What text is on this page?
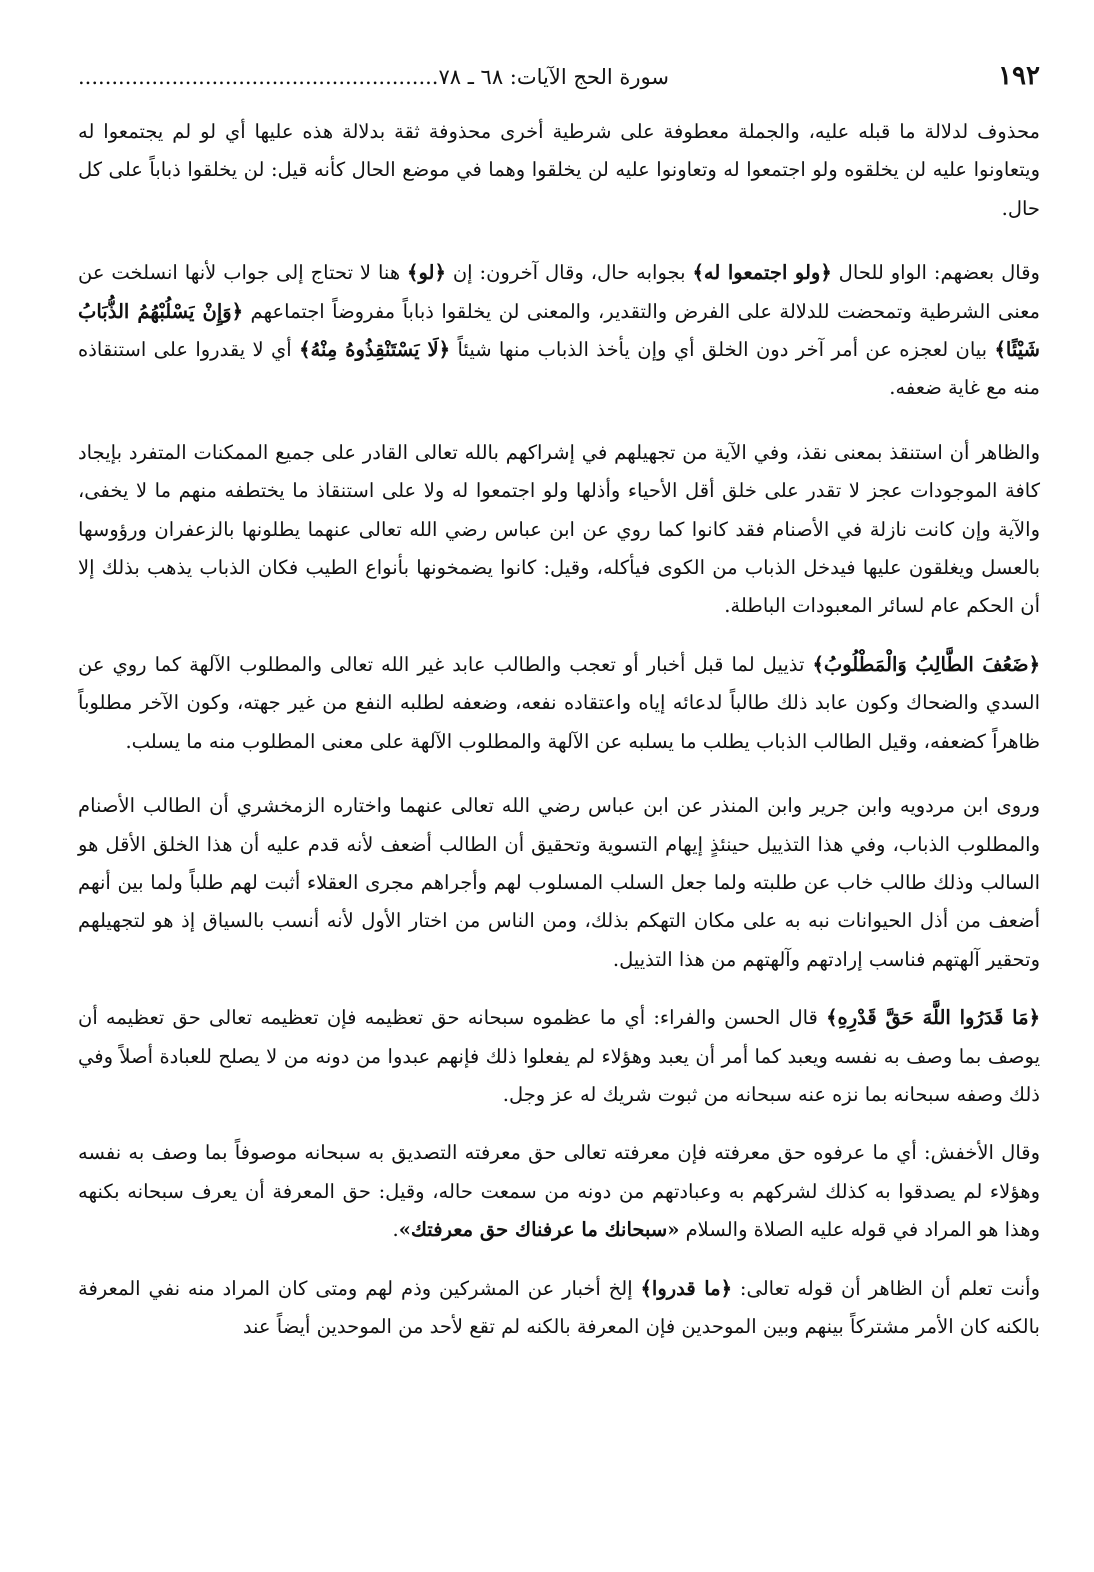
١٩٢
سورة الحج الآيات: ٦٨ ـ ٧٨......................................................

محذوف لدلالة ما قبله عليه، والجملة معطوفة على شرطية أخرى محذوفة ثقة بدلالة هذه عليها أي لو لم يجتمعوا له ويتعاونوا عليه لن يخلقوه ولو اجتمعوا له وتعاونوا عليه لن يخلقوا وهما في موضع الحال كأنه قيل: لن يخلقوا ذباباً على كل حال.

وقال بعضهم: الواو للحال ﴿ولو اجتمعوا له﴾ بجوابه حال، وقال آخرون: إن ﴿لو﴾ هنا لا تحتاج إلى جواب لأنها انسلخت عن معنى الشرطية وتمحضت للدلالة على الفرض والتقدير، والمعنى لن يخلقوا ذباباً مفروضاً اجتماعهم ﴿وَإِنْ يَسْلُبْهُمُ الذُّبَابُ شَيْئًا﴾ بيان لعجزه عن أمر آخر دون الخلق أي وإن يأخذ الذباب منها شيئاً ﴿لَا يَسْتَنْقِذُوهُ مِنْهُ﴾ أي لا يقدروا على استنقاذه منه مع غاية ضعفه.

والظاهر أن استنقذ بمعنى نقذ، وفي الآية من تجهيلهم في إشراكهم بالله تعالى القادر على جميع الممكنات المتفرد بإيجاد كافة الموجودات عجز لا تقدر على خلق أقل الأحياء وأذلها ولو اجتمعوا له ولا على استنقاذ ما يختطفه منهم ما لا يخفى، والآية وإن كانت نازلة في الأصنام فقد كانوا كما روي عن ابن عباس رضي الله تعالى عنهما يطلونها بالزعفران ورؤوسها بالعسل ويغلقون عليها فيدخل الذباب من الكوى فيأكله، وقيل: كانوا يضمخونها بأنواع الطيب فكان الذباب يذهب بذلك إلا أن الحكم عام لسائر المعبودات الباطلة.

﴿ضَعُفَ الطَّالِبُ وَالْمَطْلُوبُ﴾ تذييل لما قبل أخبار أو تعجب والطالب عابد غير الله تعالى والمطلوب الآلهة كما روي عن السدي والضحاك وكون عابد ذلك طالباً لدعائه إياه واعتقاده نفعه، وضعفه لطلبه النفع من غير جهته، وكون الآخر مطلوباً ظاهراً كضعفه، وقيل الطالب الذباب يطلب ما يسلبه عن الآلهة والمطلوب الآلهة على معنى المطلوب منه ما يسلب.

وروى ابن مردويه وابن جرير وابن المنذر عن ابن عباس رضي الله تعالى عنهما واختاره الزمخشري أن الطالب الأصنام والمطلوب الذباب، وفي هذا التذييل حينئذٍ إيهام التسوية وتحقيق أن الطالب أضعف لأنه قدم عليه أن هذا الخلق الأقل هو السالب وذلك طالب خاب عن طلبته ولما جعل السلب المسلوب لهم وأجراهم مجرى العقلاء أثبت لهم طلباً ولما بين أنهم أضعف من أذل الحيوانات نبه به على مكان التهكم بذلك، ومن الناس من اختار الأول لأنه أنسب بالسياق إذ هو لتجهيلهم وتحقير آلهتهم فناسب إرادتهم وآلهتهم من هذا التذييل.

﴿مَا قَدَرُوا اللَّهَ حَقَّ قَدْرِهِ﴾ قال الحسن والفراء: أي ما عظموه سبحانه حق تعظيمه فإن تعظيمه تعالى حق تعظيمه أن يوصف بما وصف به نفسه ويعبد كما أمر أن يعبد وهؤلاء لم يفعلوا ذلك فإنهم عبدوا من دونه من لا يصلح للعبادة أصلاً وفي ذلك وصفه سبحانه بما نزه عنه سبحانه من ثبوت شريك له عز وجل.

وقال الأخفش: أي ما عرفوه حق معرفته فإن معرفته تعالى حق معرفته التصديق به سبحانه موصوفاً بما وصف به نفسه وهؤلاء لم يصدقوا به كذلك لشركهم به وعبادتهم من دونه من سمعت حاله، وقيل: حق المعرفة أن يعرف سبحانه بكنهه وهذا هو المراد في قوله عليه الصلاة والسلام «سبحانك ما عرفناك حق معرفتك».

وأنت تعلم أن الظاهر أن قوله تعالى: ﴿ما قدروا﴾ إلخ أخبار عن المشركين وذم لهم ومتى كان المراد منه نفي المعرفة بالكنه كان الأمر مشتركاً بينهم وبين الموحدين فإن المعرفة بالكنه لم تقع لأحد من الموحدين أيضاً عند
